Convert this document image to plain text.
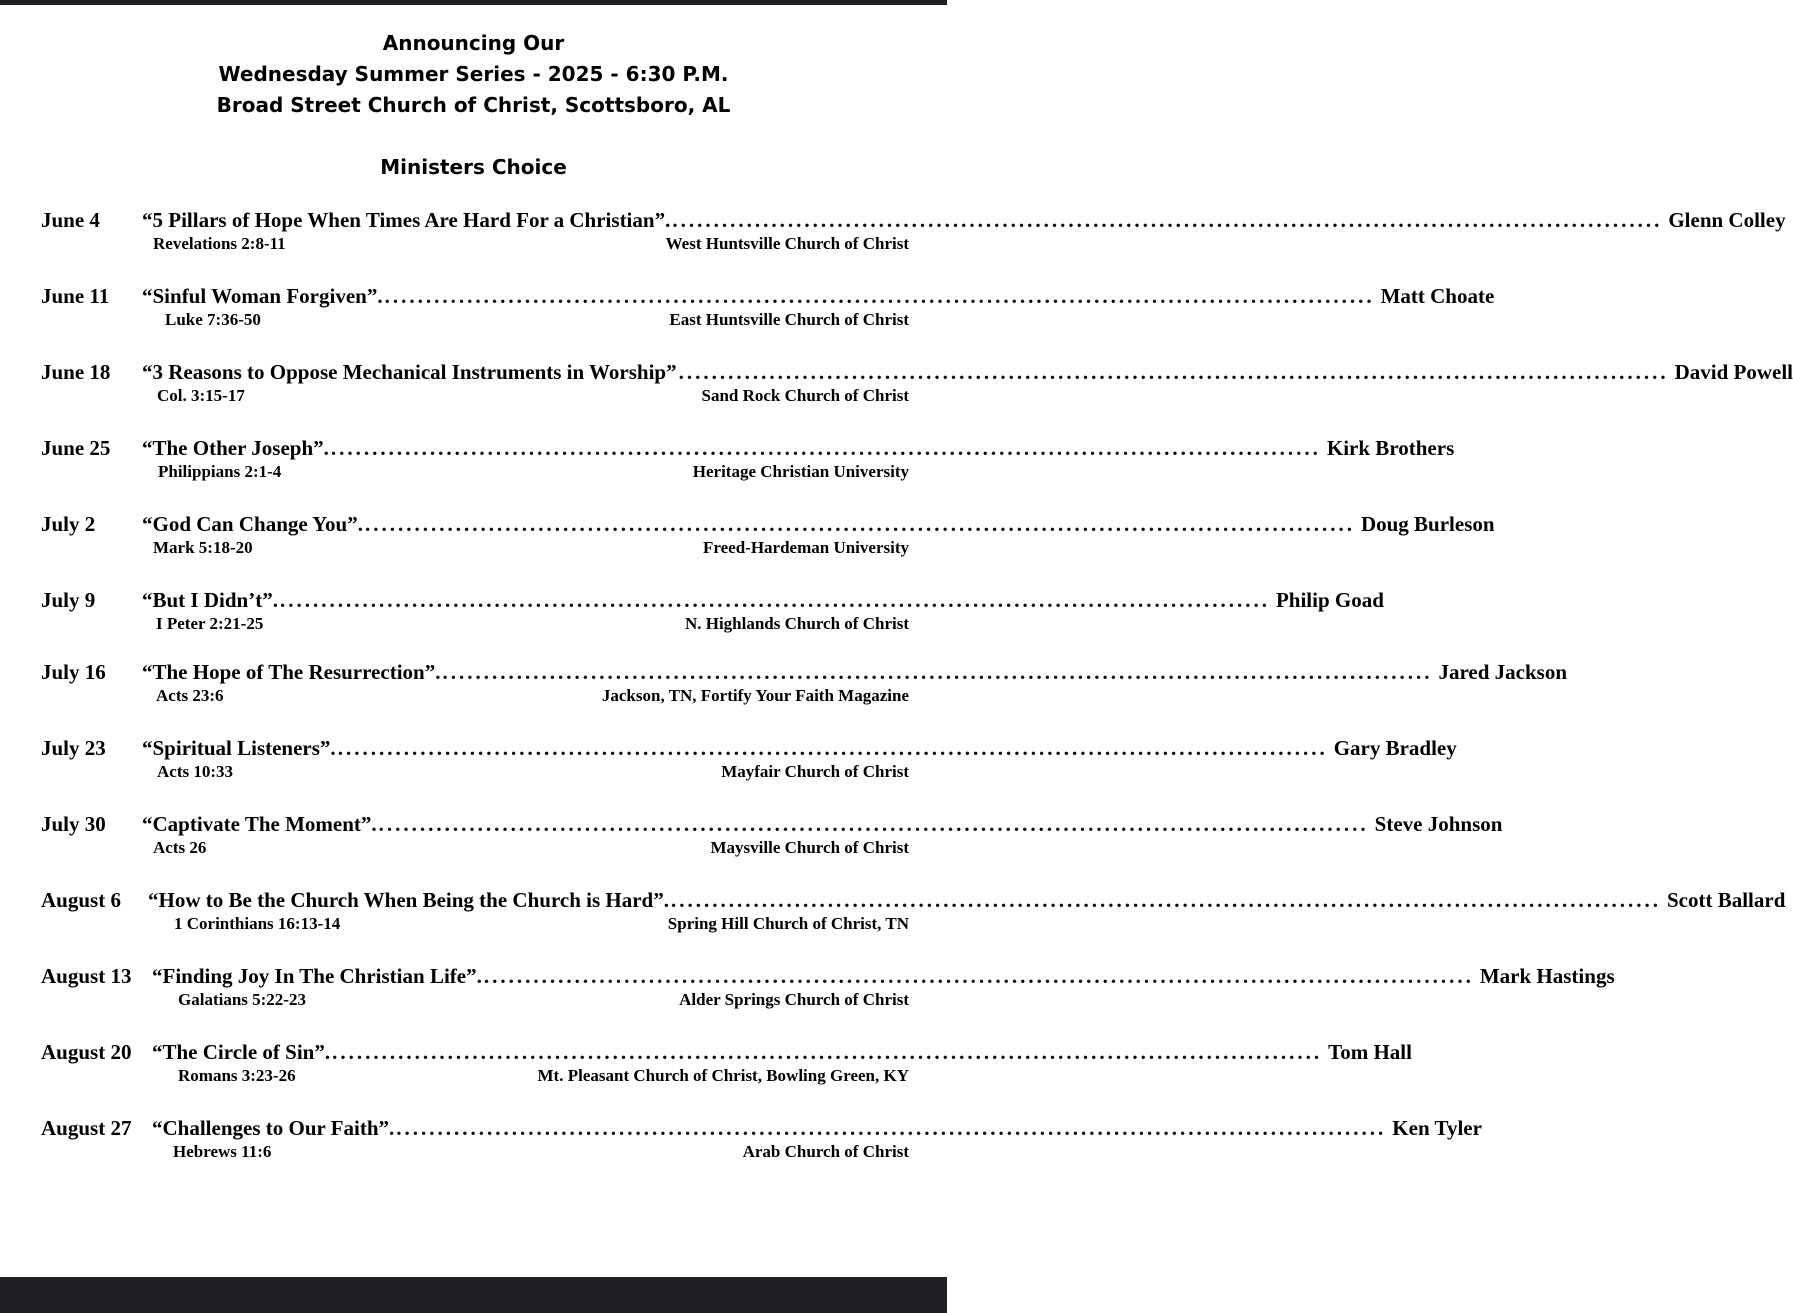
Announcing Our
Wednesday Summer Series - 2025 - 6:30 P.M.
Broad Street Church of Christ, Scottsboro, AL
Ministers Choice
June 4 “5 Pillars of Hope When Times Are Hard For a Christian”. ........................................................................................................................ Glenn Colley
Revelations 2:8-11	West Huntsville Church of Christ
June 11 “Sinful Woman Forgiven”. ........................................................................................................................ Matt Choate
Luke 7:36-50	East Huntsville Church of Christ
June 18 “3 Reasons to Oppose Mechanical Instruments in Worship” ........................................................................................................................ David Powell
Col. 3:15-17	Sand Rock Church of Christ
June 25 “The Other Joseph”. ........................................................................................................................ Kirk Brothers
Philippians 2:1-4	Heritage Christian University
July 2 “God Can Change You”. ........................................................................................................................ Doug Burleson
Mark 5:18-20	Freed-Hardeman University
July 9 “But I Didn’t”. ........................................................................................................................ Philip Goad
I Peter 2:21-25	N. Highlands Church of Christ
July 16 “The Hope of The Resurrection”. ........................................................................................................................ Jared Jackson
Acts 23:6	Jackson, TN, Fortify Your Faith Magazine
July 23 “Spiritual Listeners”. ........................................................................................................................ Gary Bradley
Acts 10:33	Mayfair Church of Christ
July 30 “Captivate The Moment”. ........................................................................................................................ Steve Johnson
Acts 26	Maysville Church of Christ
August 6 “How to Be the Church When Being the Church is Hard”. ........................................................................................................................ Scott Ballard
1 Corinthians 16:13-14	Spring Hill Church of Christ, TN
August 13 “Finding Joy In The Christian Life”. ........................................................................................................................ Mark Hastings
Galatians 5:22-23	Alder Springs Church of Christ
August 20 “The Circle of Sin”. ........................................................................................................................ Tom Hall
Romans 3:23-26	Mt. Pleasant Church of Christ, Bowling Green, KY
August 27 “Challenges to Our Faith”. ........................................................................................................................ Ken Tyler
Hebrews 11:6	Arab Church of Christ
